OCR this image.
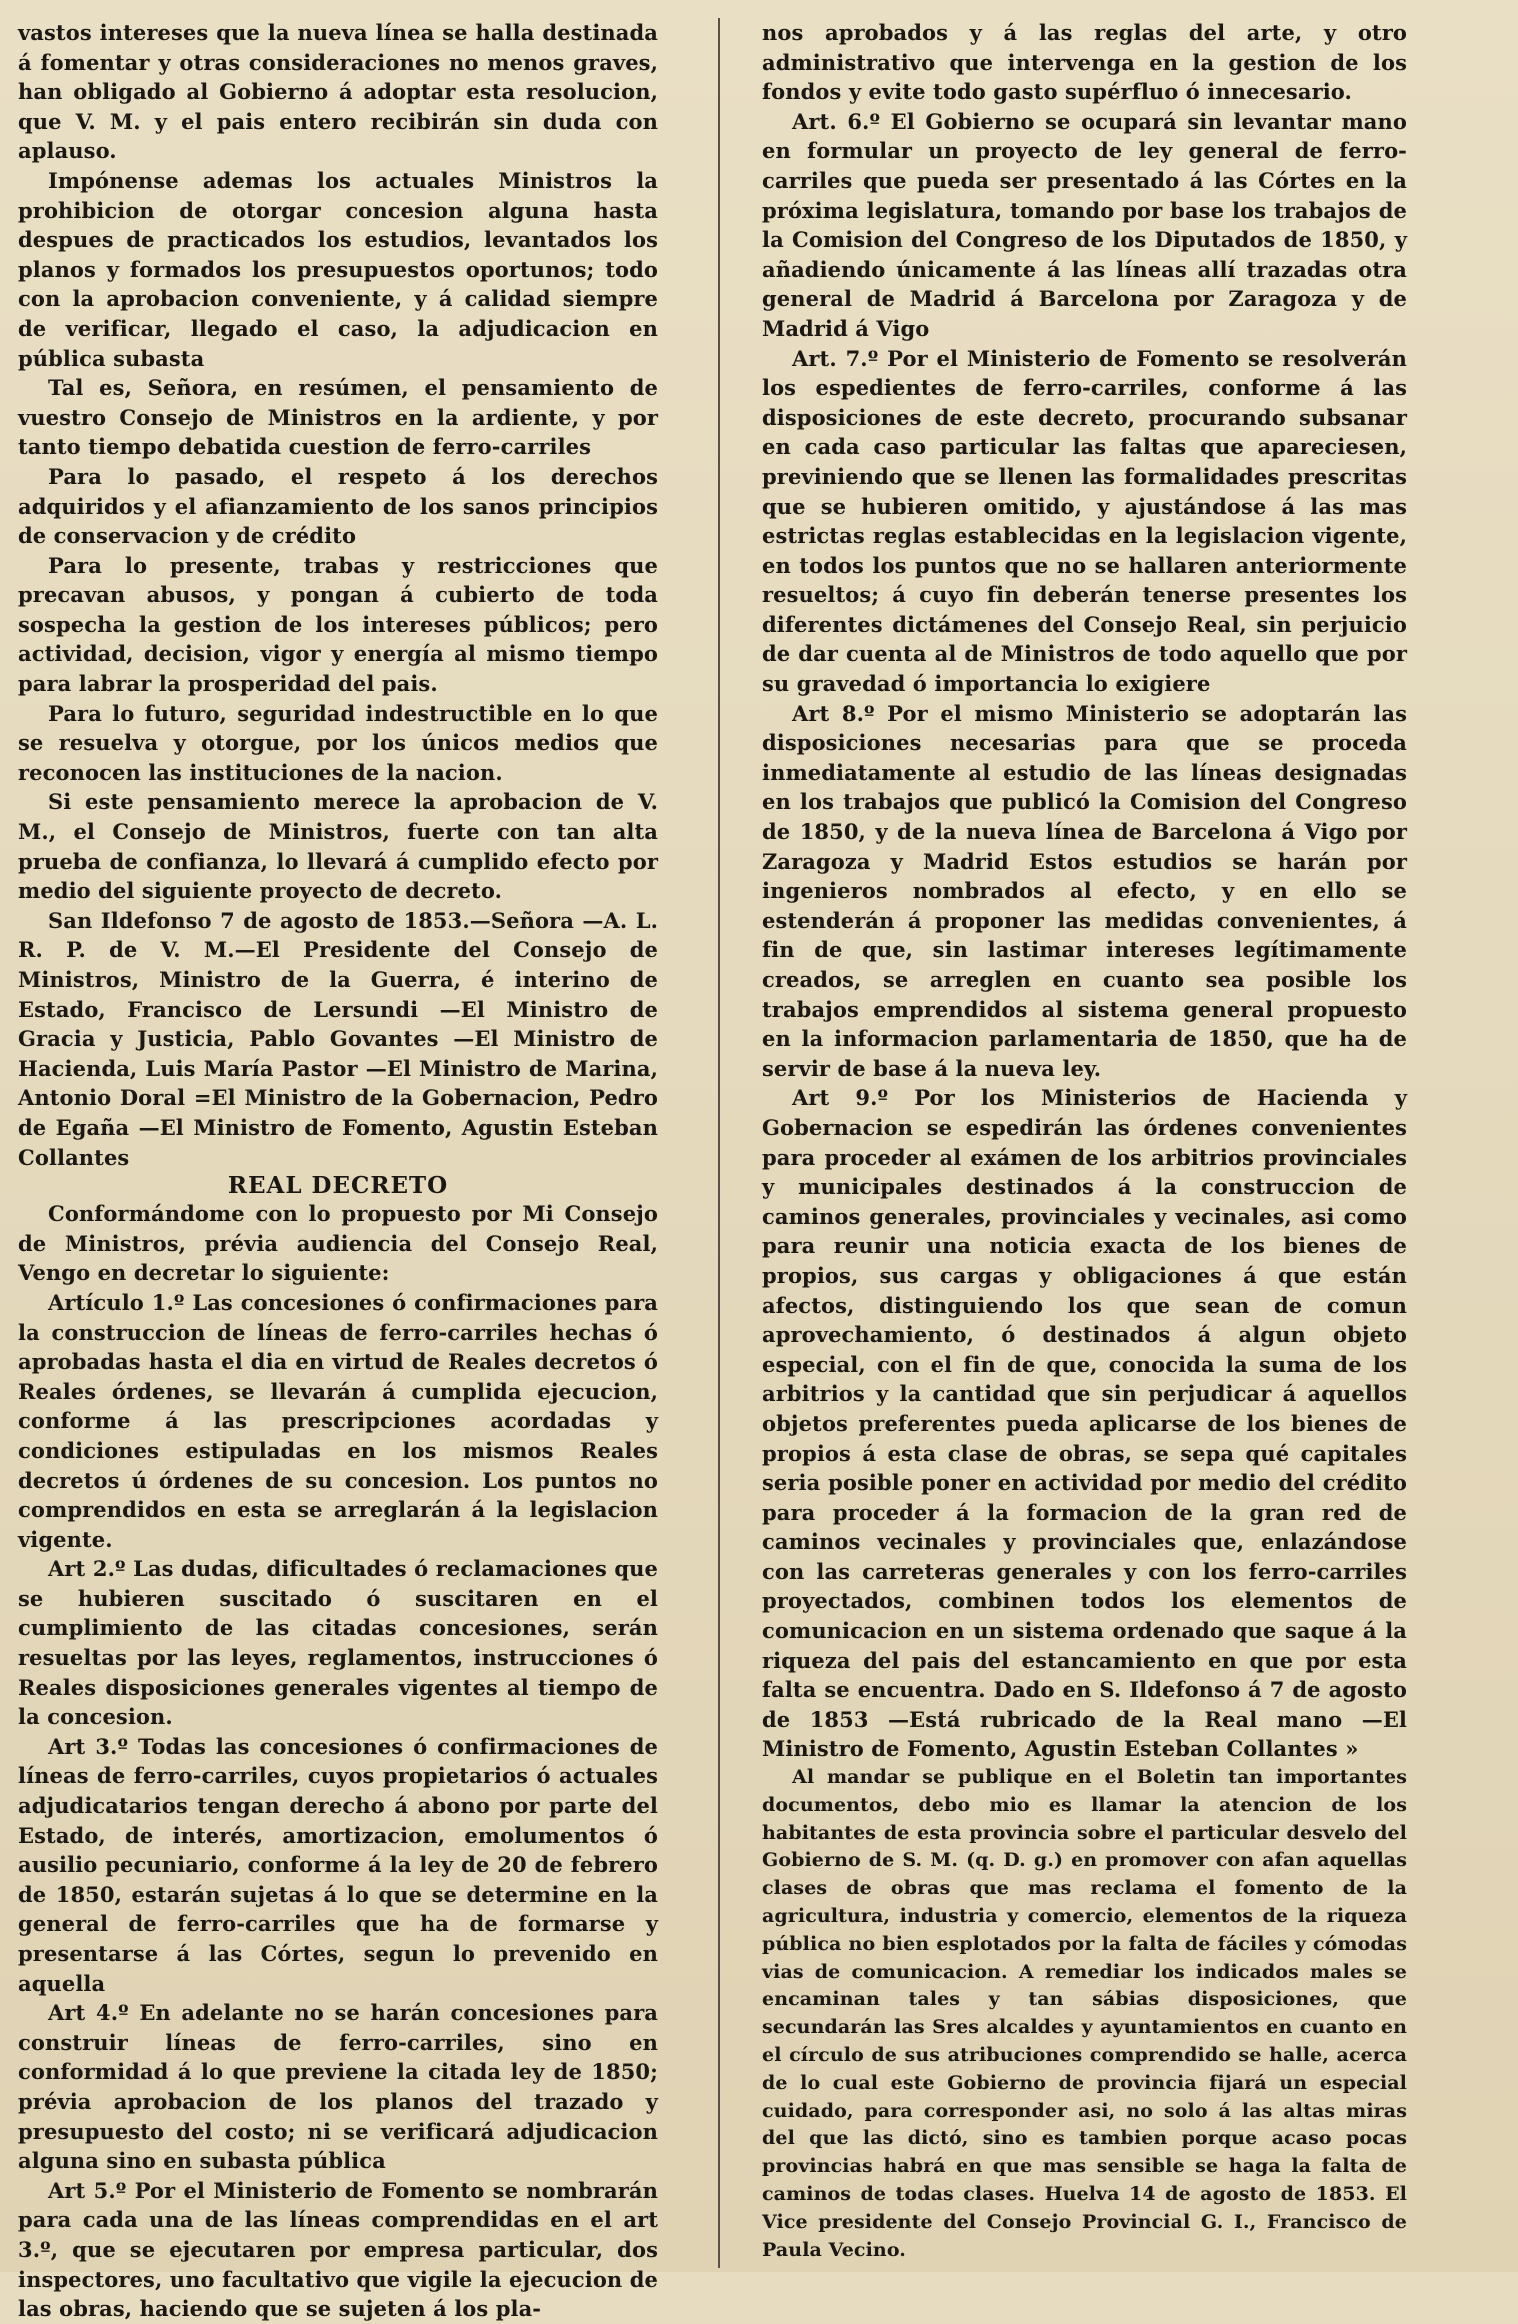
vastos intereses que la nueva línea se halla destinada á fomentar y otras consideraciones no menos graves, han obligado al Gobierno á adoptar esta resolucion, que V. M. y el pais entero recibirán sin duda con aplauso.

Impónense ademas los actuales Ministros la prohibicion de otorgar concesion alguna hasta despues de practicados los estudios, levantados los planos y formados los presupuestos oportunos; todo con la aprobacion conveniente, y á calidad siempre de verificar, llegado el caso, la adjudicacion en pública subasta

Tal es, Señora, en resúmen, el pensamiento de vuestro Consejo de Ministros en la ardiente, y por tanto tiempo debatida cuestion de ferro-carriles

Para lo pasado, el respeto á los derechos adquiridos y el afianzamiento de los sanos principios de conservacion y de crédito

Para lo presente, trabas y restricciones que precavan abusos, y pongan á cubierto de toda sospecha la gestion de los intereses públicos; pero actividad, decision, vigor y energía al mismo tiempo para labrar la prosperidad del pais.

Para lo futuro, seguridad indestructible en lo que se resuelva y otorgue, por los únicos medios que reconocen las instituciones de la nacion.

Si este pensamiento merece la aprobacion de V. M., el Consejo de Ministros, fuerte con tan alta prueba de confianza, lo llevará á cumplido efecto por medio del siguiente proyecto de decreto.

San Ildefonso 7 de agosto de 1853.—Señora —A. L. R. P. de V. M.—El Presidente del Consejo de Ministros, Ministro de la Guerra, é interino de Estado, Francisco de Lersundi —El Ministro de Gracia y Justicia, Pablo Govantes —El Ministro de Hacienda, Luis María Pastor —El Ministro de Marina, Antonio Doral =El Ministro de la Gobernacion, Pedro de Egaña —El Ministro de Fomento, Agustin Esteban Collantes

REAL DECRETO

Conformándome con lo propuesto por Mi Consejo de Ministros, prévia audiencia del Consejo Real, Vengo en decretar lo siguiente:

Artículo 1.º Las concesiones ó confirmaciones para la construccion de líneas de ferro-carriles hechas ó aprobadas hasta el dia en virtud de Reales decretos ó Reales órdenes, se llevarán á cumplida ejecucion, conforme á las prescripciones acordadas y condiciones estipuladas en los mismos Reales decretos ú órdenes de su concesion. Los puntos no comprendidos en esta se arreglarán á la legislacion vigente.

Art 2.º Las dudas, dificultades ó reclamaciones que se hubieren suscitado ó suscitaren en el cumplimiento de las citadas concesiones, serán resueltas por las leyes, reglamentos, instrucciones ó Reales disposiciones generales vigentes al tiempo de la concesion.

Art 3.º Todas las concesiones ó confirmaciones de líneas de ferro-carriles, cuyos propietarios ó actuales adjudicatarios tengan derecho á abono por parte del Estado, de interés, amortizacion, emolumentos ó ausilio pecuniario, conforme á la ley de 20 de febrero de 1850, estarán sujetas á lo que se determine en la general de ferro-carriles que ha de formarse y presentarse á las Córtes, segun lo prevenido en aquella

Art 4.º En adelante no se harán concesiones para construir líneas de ferro-carriles, sino en conformidad á lo que previene la citada ley de 1850; prévia aprobacion de los planos del trazado y presupuesto del costo; ni se verificará adjudicacion alguna sino en subasta pública

Art 5.º Por el Ministerio de Fomento se nombrarán para cada una de las líneas comprendidas en el art 3.º, que se ejecutaren por empresa particular, dos inspectores, uno facultativo que vigile la ejecucion de las obras, haciendo que se sujeten á los pla-

nos aprobados y á las reglas del arte, y otro administrativo que intervenga en la gestion de los fondos y evite todo gasto supérfluo ó innecesario.

Art. 6.º El Gobierno se ocupará sin levantar mano en formular un proyecto de ley general de ferro-carriles que pueda ser presentado á las Córtes en la próxima legislatura, tomando por base los trabajos de la Comision del Congreso de los Diputados de 1850, y añadiendo únicamente á las líneas allí trazadas otra general de Madrid á Barcelona por Zaragoza y de Madrid á Vigo

Art. 7.º Por el Ministerio de Fomento se resolverán los espedientes de ferro-carriles, conforme á las disposiciones de este decreto, procurando subsanar en cada caso particular las faltas que apareciesen, previniendo que se llenen las formalidades prescritas que se hubieren omitido, y ajustándose á las mas estrictas reglas establecidas en la legislacion vigente, en todos los puntos que no se hallaren anteriormente resueltos; á cuyo fin deberán tenerse presentes los diferentes dictámenes del Consejo Real, sin perjuicio de dar cuenta al de Ministros de todo aquello que por su gravedad ó importancia lo exigiere

Art 8.º Por el mismo Ministerio se adoptarán las disposiciones necesarias para que se proceda inmediatamente al estudio de las líneas designadas en los trabajos que publicó la Comision del Congreso de 1850, y de la nueva línea de Barcelona á Vigo por Zaragoza y Madrid Estos estudios se harán por ingenieros nombrados al efecto, y en ello se estenderán á proponer las medidas convenientes, á fin de que, sin lastimar intereses legítimamente creados, se arreglen en cuanto sea posible los trabajos emprendidos al sistema general propuesto en la informacion parlamentaria de 1850, que ha de servir de base á la nueva ley.

Art 9.º Por los Ministerios de Hacienda y Gobernacion se espedirán las órdenes convenientes para proceder al exámen de los arbitrios provinciales y municipales destinados á la construccion de caminos generales, provinciales y vecinales, asi como para reunir una noticia exacta de los bienes de propios, sus cargas y obligaciones á que están afectos, distinguiendo los que sean de comun aprovechamiento, ó destinados á algun objeto especial, con el fin de que, conocida la suma de los arbitrios y la cantidad que sin perjudicar á aquellos objetos preferentes pueda aplicarse de los bienes de propios á esta clase de obras, se sepa qué capitales seria posible poner en actividad por medio del crédito para proceder á la formacion de la gran red de caminos vecinales y provinciales que, enlazándose con las carreteras generales y con los ferro-carriles proyectados, combinen todos los elementos de comunicacion en un sistema ordenado que saque á la riqueza del pais del estancamiento en que por esta falta se encuentra. Dado en S. Ildefonso á 7 de agosto de 1853 —Está rubricado de la Real mano —El Ministro de Fomento, Agustin Esteban Collantes »

Al mandar se publique en el Boletin tan importantes documentos, debo mio es llamar la atencion de los habitantes de esta provincia sobre el particular desvelo del Gobierno de S. M. (q. D. g.) en promover con afan aquellas clases de obras que mas reclama el fomento de la agricultura, industria y comercio, elementos de la riqueza pública no bien esplotados por la falta de fáciles y cómodas vias de comunicacion. A remediar los indicados males se encaminan tales y tan sábias disposiciones, que secundarán las Sres alcaldes y ayuntamientos en cuanto en el círculo de sus atribuciones comprendido se halle, acerca de lo cual este Gobierno de provincia fijará un especial cuidado, para corresponder asi, no solo á las altas miras del que las dictó, sino es tambien porque acaso pocas provincias habrá en que mas sensible se haga la falta de caminos de todas clases. Huelva 14 de agosto de 1853. El Vice presidente del Consejo Provincial G. I., Francisco de Paula Vecino.
